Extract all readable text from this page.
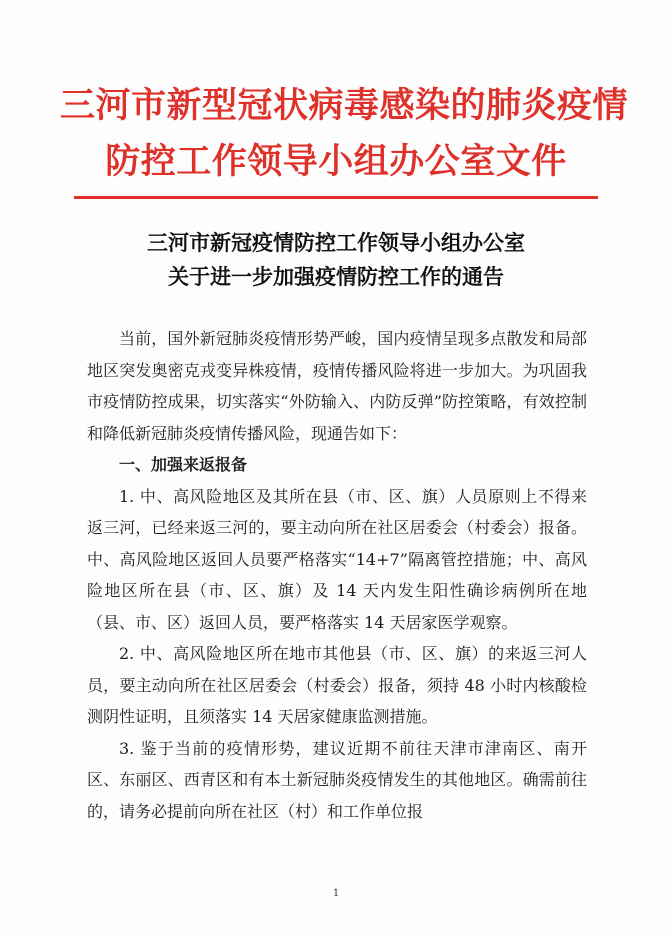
三河市新型冠状病毒感染的肺炎疫情
防控工作领导小组办公室文件
三河市新冠疫情防控工作领导小组办公室
关于进一步加强疫情防控工作的通告

当前，国外新冠肺炎疫情形势严峻，国内疫情呈现多点散发和局部地区突发奥密克戎变异株疫情，疫情传播风险将进一步加大。为巩固我市疫情防控成果，切实落实“外防输入、内防反弹”防控策略，有效控制和降低新冠肺炎疫情传播风险，现通告如下：

一、加强来返报备

1. 中、高风险地区及其所在县（市、区、旗）人员原则上不得来返三河，已经来返三河的，要主动向所在社区居委会（村委会）报备。中、高风险地区返回人员要严格落实“14+7”隔离管控措施；中、高风险地区所在县（市、区、旗）及 14 天内发生阳性确诊病例所在地（县、市、区）返回人员，要严格落实 14 天居家医学观察。

2. 中、高风险地区所在地市其他县（市、区、旗）的来返三河人员，要主动向所在社区居委会（村委会）报备，须持 48 小时内核酸检测阴性证明，且须落实 14 天居家健康监测措施。

3. 鉴于当前的疫情形势，建议近期不前往天津市津南区、南开区、东丽区、西青区和有本土新冠肺炎疫情发生的其他地区。确需前往的，请务必提前向所在社区（村）和工作单位报

1
